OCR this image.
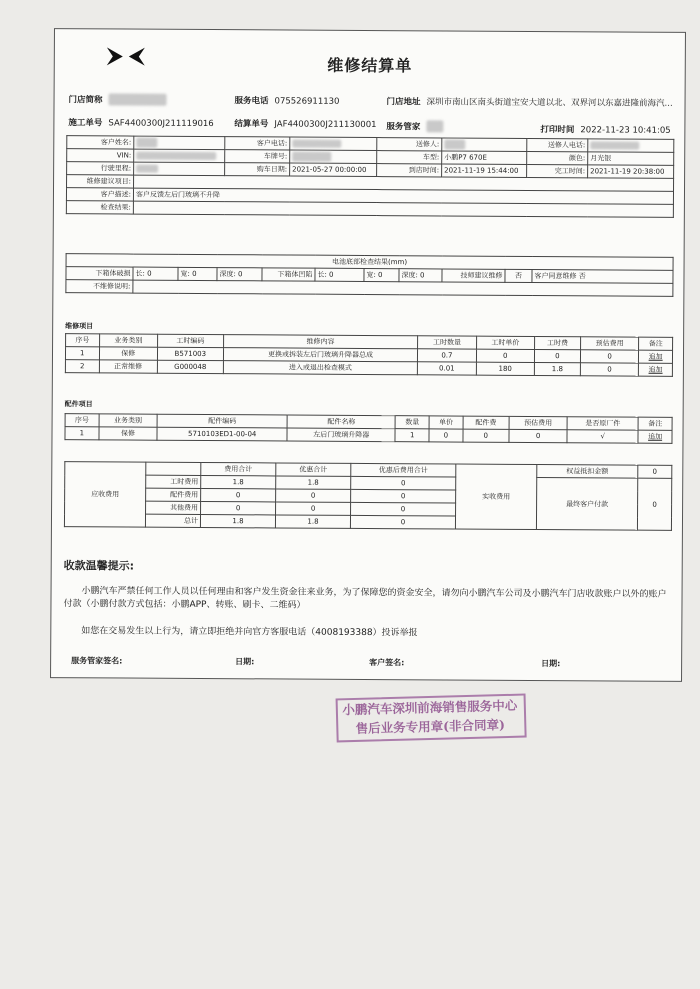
维修结算单
门店简称	服务电话 075526911130	门店地址 深圳市南山区南头街道宝安大道以北、双界河以东嘉进隆前海汽...
施工单号 SAF4400300J211119016 结算单号 JAF4400300J211130001 服务管家	打印时间 2022-11-23 10:41:05
客户姓名:		客户电话:		送修人:		送修人电话:	
VIN:		车牌号:		车型:	小鹏P7 670E	颜色:	月光银
行驶里程:		购车日期:	2021-05-27 00:00:00	到店时间:	2021-11-19 15:44:00	完工时间:	2021-11-19 20:38:00
维修建议项目:							
客户描述:	客户反馈左后门玻璃不升降						
检查结果:							
电池底部检查结果(mm)										
下箱体破损	长: 0	宽: 0	深度: 0	下箱体凹陷	长: 0	宽: 0	深度: 0	技师建议维修	否	客户同意维修 否
不维修说明:										
维修项目
序号	业务类别	工时编码	维修内容	工时数量	工时单价	工时费	预估费用	备注
1	保修	B571003	更换或拆装左后门玻璃升降器总成	0.7	0	0	0	追加
2	正常维修	G000048	进入或退出检查模式	0.01	180	1.8	0	追加
配件项目
序号	业务类别	配件编码	配件名称	数量	单价	配件费	预估费用	是否原厂件	备注
1	保修	5710103ED1-00-04	左后门玻璃升降器	1	0	0	0	√	追加
应收费用		费用合计	优惠合计	优惠后费用合计	实收费用	权益抵扣金额	0
	工时费用	1.8	1.8	0		最终客户付款	0
	配件费用	0	0	0			
	其他费用	0	0	0			
	总计	1.8	1.8	0			
收款温馨提示:
小鹏汽车严禁任何工作人员以任何理由和客户发生资金往来业务，为了保障您的资金安全，请勿向小鹏汽车公司及小鹏汽车门店收款账户以外的账户付款（小鹏付款方式包括：小鹏APP、转账、刷卡、二维码）
如您在交易发生以上行为，请立即拒绝并向官方客服电话（4008193388）投诉举报
服务管家签名:	日期:	客户签名:	日期:
小鹏汽车深圳前海销售服务中心
售后业务专用章(非合同章)
